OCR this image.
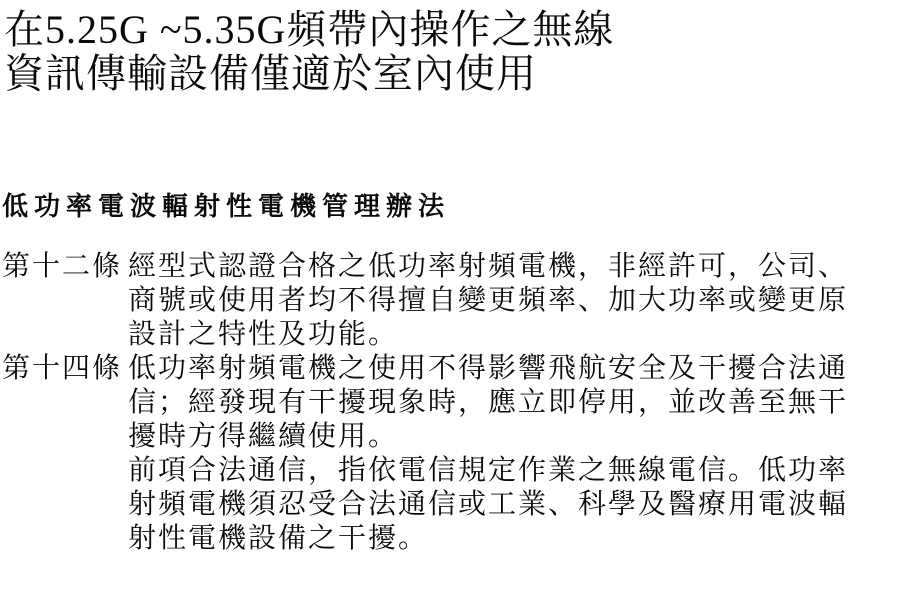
在5.25G ~5.35G頻帶內操作之無線
資訊傳輸設備僅適於室內使用
低功率電波輻射性電機管理辦法
第十二條 經型式認證合格之低功率射頻電機，非經許可，公司、
商號或使用者均不得擅自變更頻率、加大功率或變更原
設計之特性及功能。
第十四條 低功率射頻電機之使用不得影響飛航安全及干擾合法通
信；經發現有干擾現象時，應立即停用，並改善至無干
擾時方得繼續使用。
前項合法通信，指依電信規定作業之無線電信。低功率
射頻電機須忍受合法通信或工業、科學及醫療用電波輻
射性電機設備之干擾。
